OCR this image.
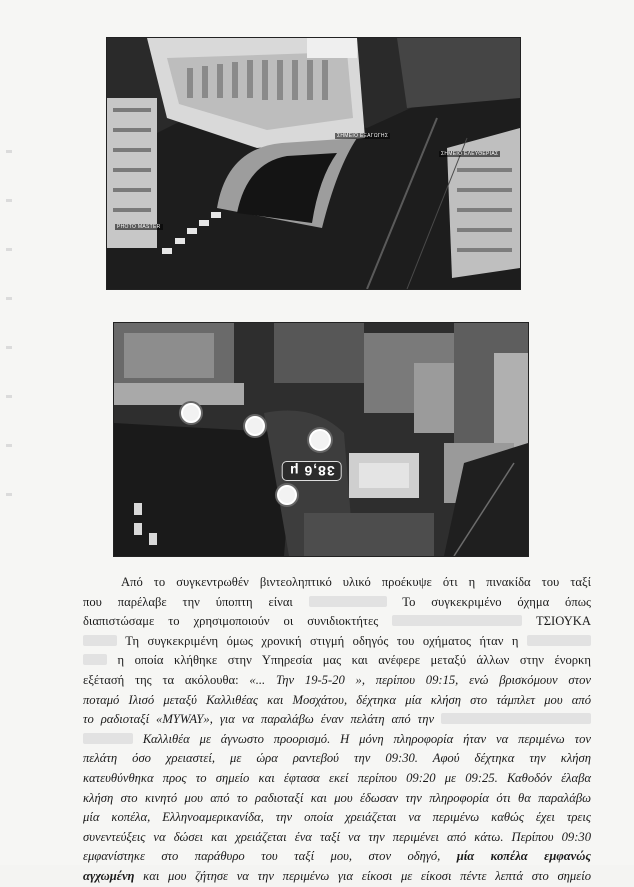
ΣΗΜΕΙΟ ΕΞΑΓΩΓΗΣ
ΣΗΜΕΙΟ ΕΛΕΥΘΕΡΙΑΣ
PHOTO MASTER
38,6 μ

Από το συγκεντρωθέν βιντεοληπτικό υλικό προέκυψε ότι η πινακίδα του ταξί
που παρέλαβε την ύποπτη είναι	Το συγκεκριμένο όχημα όπως
διαπιστώσαμε το χρησιμοποιούν οι συνιδιοκτήτες	ΤΣΙΟΥΚΑ

Τη συγκεκριμένη όμως χρονική στιγμή οδηγός του οχήματος ήταν η
η οποία κλήθηκε στην Υπηρεσία μας και ανέφερε μεταξύ άλλων στην ένορκη
εξέτασή της τα ακόλουθα: «... Την 19-5-20 », περίπου 09:15, ενώ βρισκόμουν στον
ποταμό Ιλισό μεταξύ Καλλιθέας και Μοσχάτου, δέχτηκα μία κλήση στο τάμπλετ μου από
το ραδιοταξί «MYWAY», για να παραλάβω έναν πελάτη από την
Καλλιθέα με άγνωστο προορισμό. Η μόνη πληροφορία ήταν να περιμένω τον
πελάτη όσο χρειαστεί, με ώρα ραντεβού την 09:30. Αφού δέχτηκα την κλήση
κατευθύνθηκα προς το σημείο και έφτασα εκεί περίπου 09:20 με 09:25. Καθοδόν έλαβα
κλήση στο κινητό μου από το ραδιοταξί και μου έδωσαν την πληροφορία ότι θα παραλάβω
μία κοπέλα, Ελληνοαμερικανίδα, την οποία χρειάζεται να περιμένω καθώς έχει τρεις
συνεντεύξεις να δώσει και χρειάζεται ένα ταξί να την περιμένει από κάτω. Περίπου 09:30
εμφανίστηκε στο παράθυρο του ταξί μου, στον οδηγό, μία κοπέλα εμφανώς
αγχωμένη και μου ζήτησε να την περιμένω για είκοσι με είκοσι πέντε λεπτά στο σημείο
